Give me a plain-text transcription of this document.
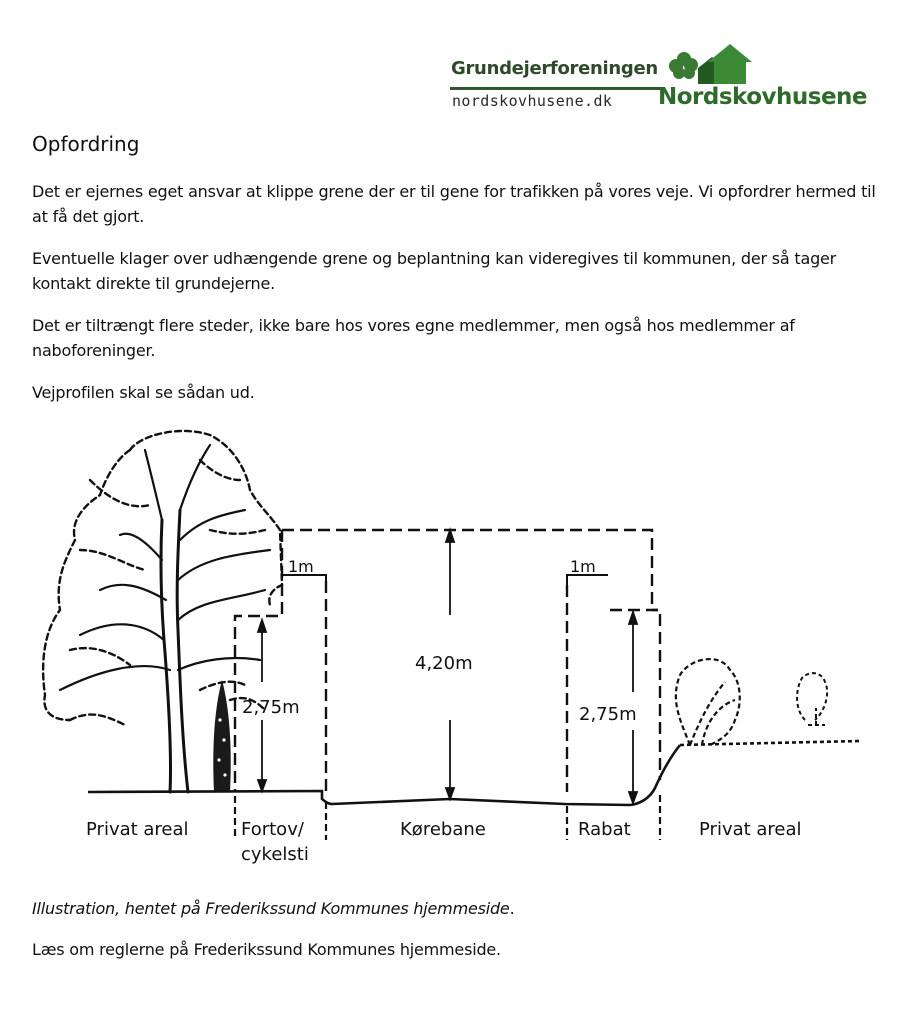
Grundejerforeningen
nordskovhusene.dk Nordskovhusene
Opfordring

Det er ejernes eget ansvar at klippe grene der er til gene for trafikken på vores veje. Vi opfordrer hermed til at få det gjort.

Eventuelle klager over udhængende grene og beplantning kan videregives til kommunen, der så tager kontakt direkte til grundejerne.

Det er tiltrængt flere steder, ikke bare hos vores egne medlemmer, men også hos medlemmer af naboforeninger.

Vejprofilen skal se sådan ud.

1m	1m
2,75m
4,20m
2,75m
Privat areal	Fortov/
cykelsti
Kørebane	Rabat	Privat areal

Illustration, hentet på Frederikssund Kommunes hjemmeside.

Læs om reglerne på Frederikssund Kommunes hjemmeside.
